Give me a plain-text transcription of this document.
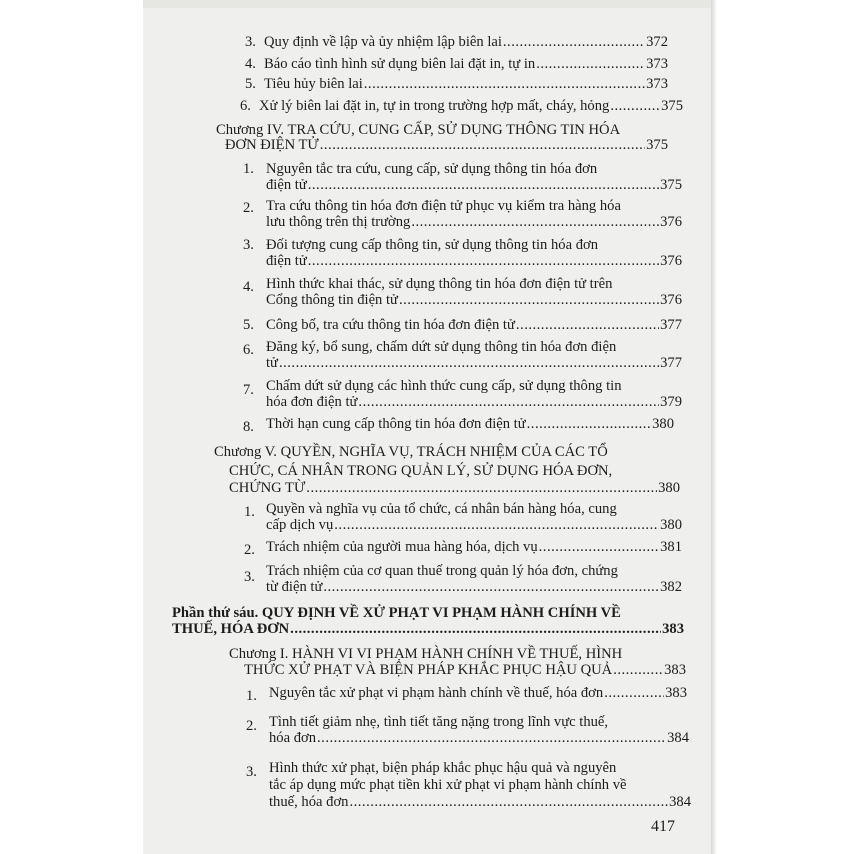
3. Quy định về lập và ủy nhiệm lập biên lai .....	372
4. Báo cáo tình hình sử dụng biên lai đặt in, tự in .....	373
5. Tiêu hủy biên lai .....	373
6. Xử lý biên lai đặt in, tự in trong trường hợp mất, cháy, hỏng .....	375
Chương IV. TRA CỨU, CUNG CẤP, SỬ DỤNG THÔNG TIN HÓA
ĐƠN ĐIỆN TỬ .....	375
1. Nguyên tắc tra cứu, cung cấp, sử dụng thông tin hóa đơn
điện tử .....	375
2. Tra cứu thông tin hóa đơn điện tử phục vụ kiểm tra hàng hóa
lưu thông trên thị trường .....	376
3. Đối tượng cung cấp thông tin, sử dụng thông tin hóa đơn
điện tử .....	376
4. Hình thức khai thác, sử dụng thông tin hóa đơn điện tử trên
Cổng thông tin điện tử .....	376
5. Công bố, tra cứu thông tin hóa đơn điện tử .....	377
6. Đăng ký, bổ sung, chấm dứt sử dụng thông tin hóa đơn điện
tử .....	377
7. Chấm dứt sử dụng các hình thức cung cấp, sử dụng thông tin
hóa đơn điện tử .....	379
8. Thời hạn cung cấp thông tin hóa đơn điện tử .....	380
Chương V. QUYỀN, NGHĨA VỤ, TRÁCH NHIỆM CỦA CÁC TỔ
CHỨC, CÁ NHÂN TRONG QUẢN LÝ, SỬ DỤNG HÓA ĐƠN,
CHỨNG TỪ .....	380
1. Quyền và nghĩa vụ của tổ chức, cá nhân bán hàng hóa, cung
cấp dịch vụ .....	380
2. Trách nhiệm của người mua hàng hóa, dịch vụ .....	381
3. Trách nhiệm của cơ quan thuế trong quản lý hóa đơn, chứng
từ điện tử .....	382
Phần thứ sáu. QUY ĐỊNH VỀ XỬ PHẠT VI PHẠM HÀNH CHÍNH VỀ
THUẾ, HÓA ĐƠN .....	383
Chương I. HÀNH VI VI PHẠM HÀNH CHÍNH VỀ THUẾ, HÌNH
THỨC XỬ PHẠT VÀ BIỆN PHÁP KHẮC PHỤC HẬU QUẢ .....	383
1. Nguyên tắc xử phạt vi phạm hành chính về thuế, hóa đơn .....	383
2. Tình tiết giảm nhẹ, tình tiết tăng nặng trong lĩnh vực thuế,
hóa đơn .....	384
3. Hình thức xử phạt, biện pháp khắc phục hậu quả và nguyên
tắc áp dụng mức phạt tiền khi xử phạt vi phạm hành chính về
thuế, hóa đơn .....	384
417
